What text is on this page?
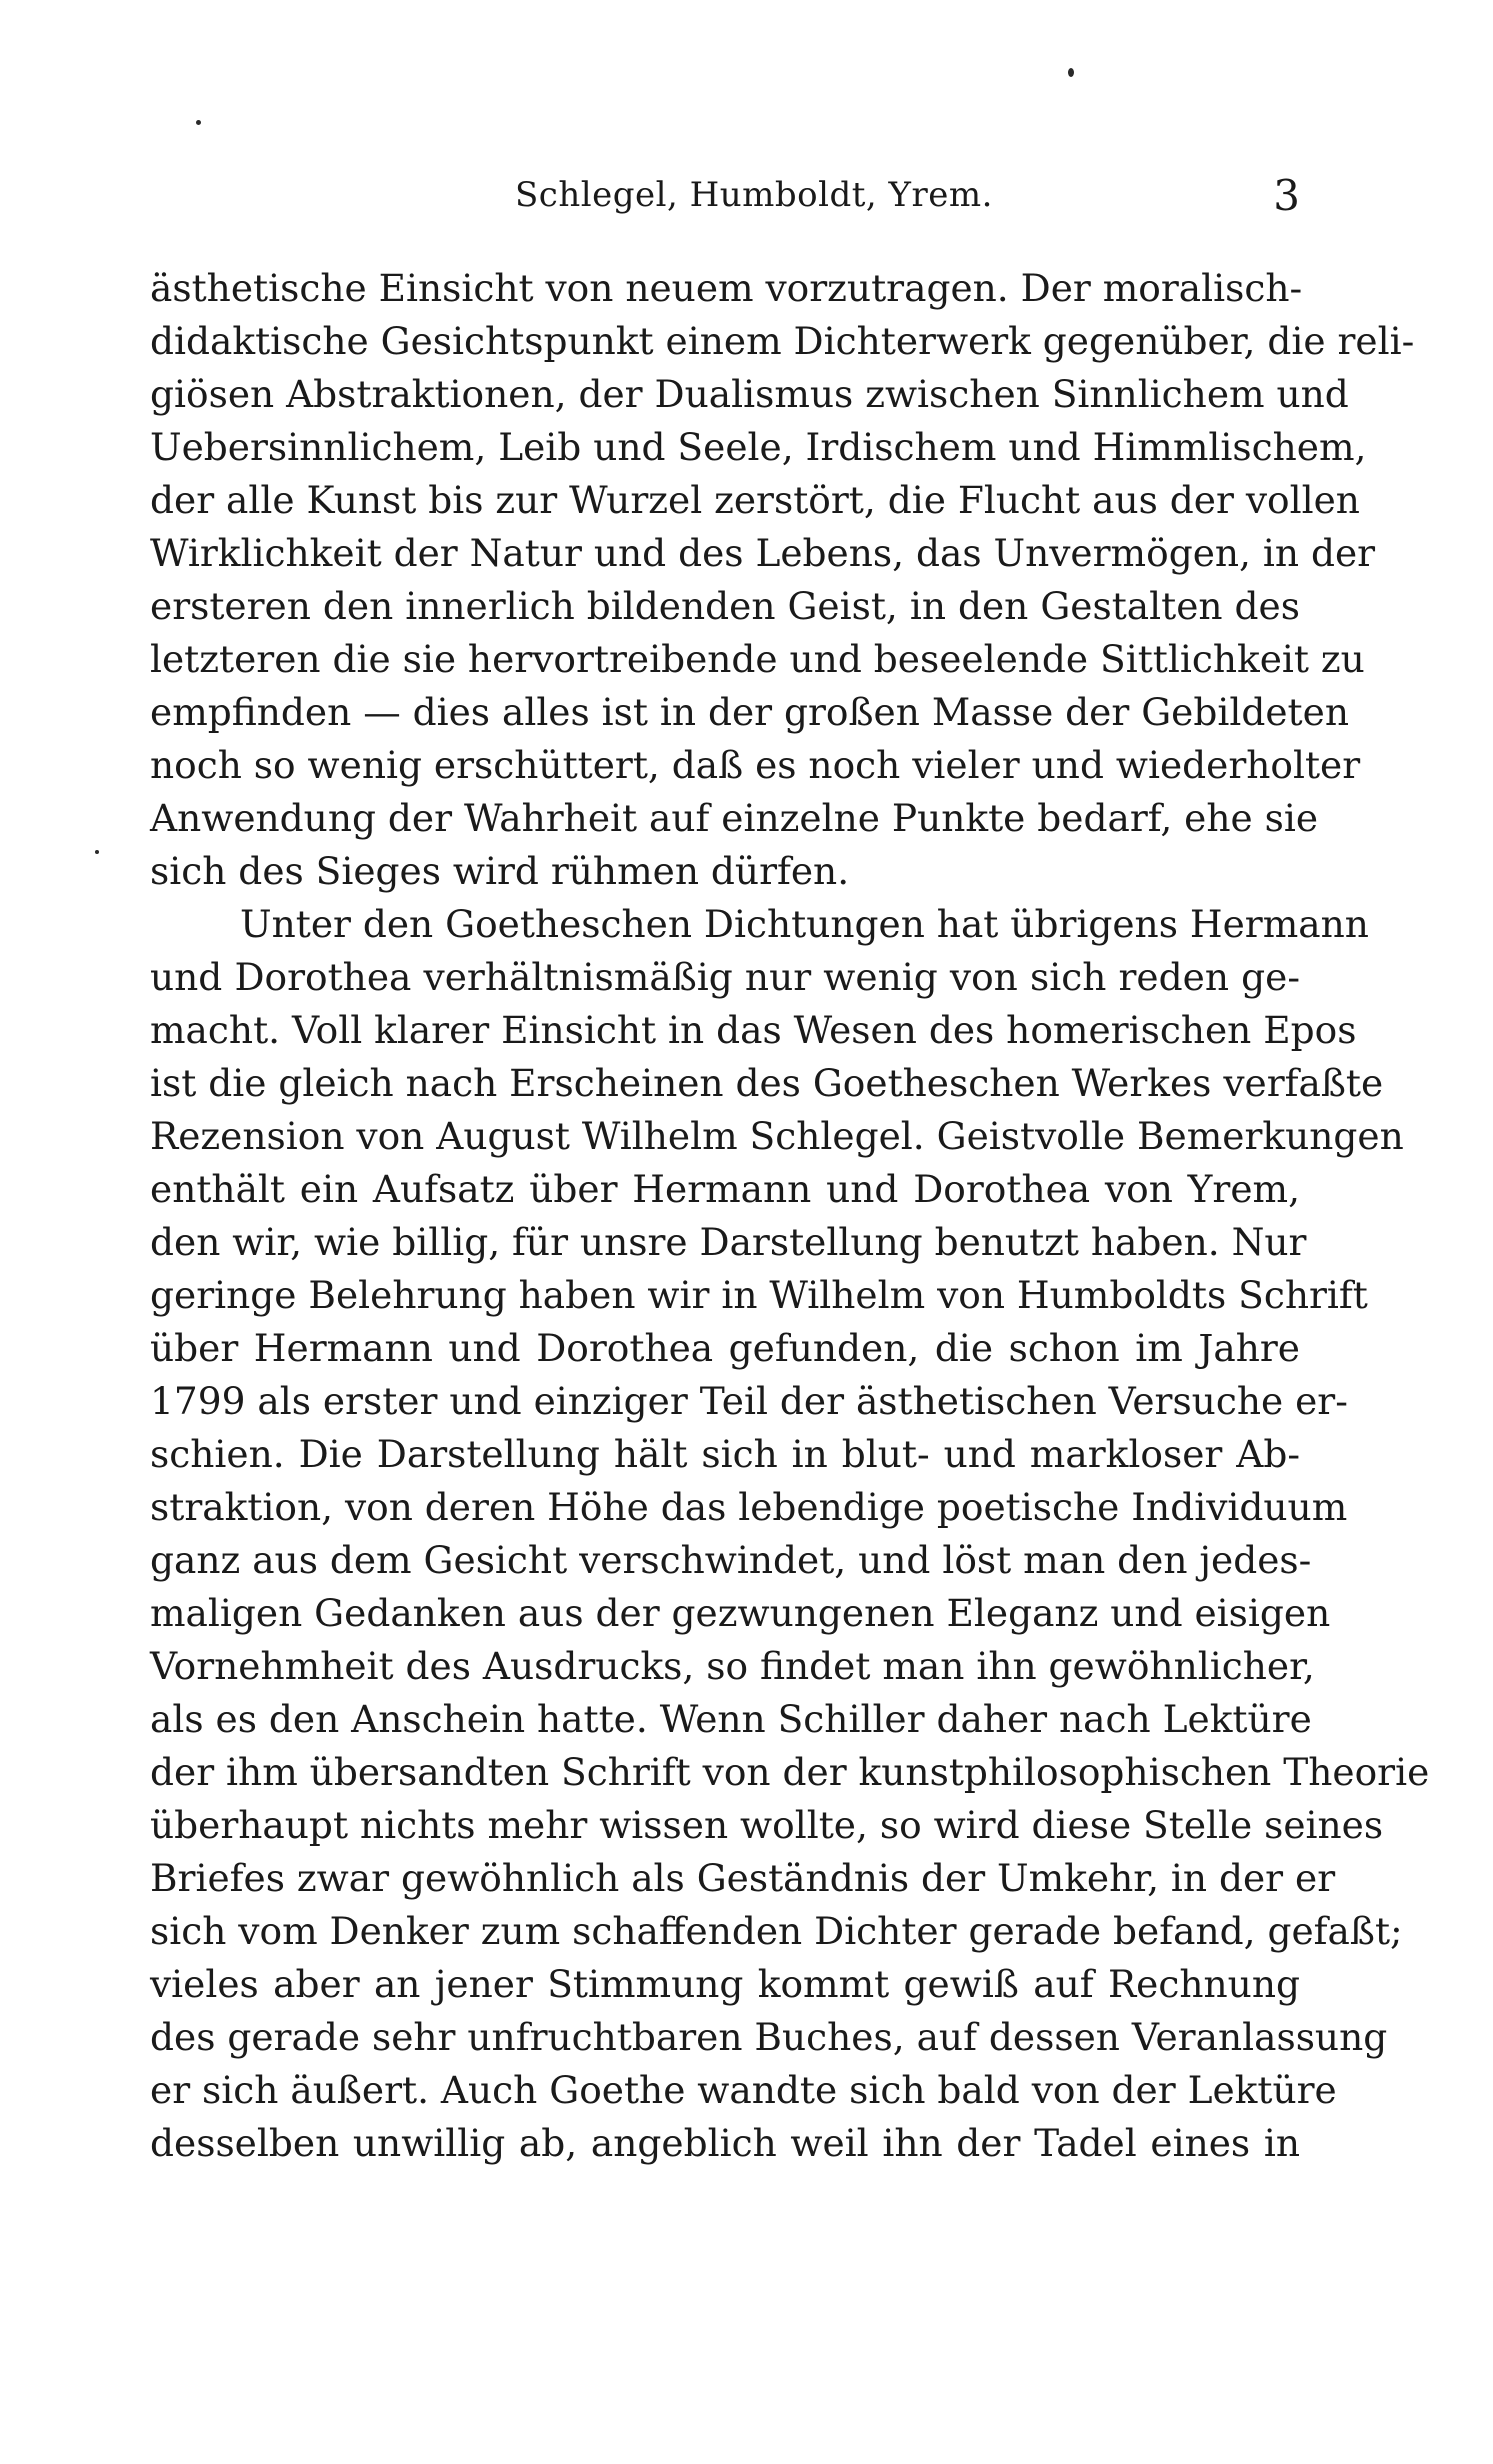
Schlegel, Humboldt, Yrem.	3
ästhetische Einsicht von neuem vorzutragen. Der moralisch-
didaktische Gesichtspunkt einem Dichterwerk gegenüber, die reli-
giösen Abstraktionen, der Dualismus zwischen Sinnlichem und
Uebersinnlichem, Leib und Seele, Irdischem und Himmlischem,
der alle Kunst bis zur Wurzel zerstört, die Flucht aus der vollen
Wirklichkeit der Natur und des Lebens, das Unvermögen, in der
ersteren den innerlich bildenden Geist, in den Gestalten des
letzteren die sie hervortreibende und beseelende Sittlichkeit zu
empfinden — dies alles ist in der großen Masse der Gebildeten
noch so wenig erschüttert, daß es noch vieler und wiederholter
Anwendung der Wahrheit auf einzelne Punkte bedarf, ehe sie
sich des Sieges wird rühmen dürfen.
Unter den Goetheschen Dichtungen hat übrigens Hermann
und Dorothea verhältnismäßig nur wenig von sich reden ge-
macht. Voll klarer Einsicht in das Wesen des homerischen Epos
ist die gleich nach Erscheinen des Goetheschen Werkes verfaßte
Rezension von August Wilhelm Schlegel. Geistvolle Bemerkungen
enthält ein Aufsatz über Hermann und Dorothea von Yrem,
den wir, wie billig, für unsre Darstellung benutzt haben. Nur
geringe Belehrung haben wir in Wilhelm von Humboldts Schrift
über Hermann und Dorothea gefunden, die schon im Jahre
1799 als erster und einziger Teil der ästhetischen Versuche er-
schien. Die Darstellung hält sich in blut- und markloser Ab-
straktion, von deren Höhe das lebendige poetische Individuum
ganz aus dem Gesicht verschwindet, und löst man den jedes-
maligen Gedanken aus der gezwungenen Eleganz und eisigen
Vornehmheit des Ausdrucks, so findet man ihn gewöhnlicher,
als es den Anschein hatte. Wenn Schiller daher nach Lektüre
der ihm übersandten Schrift von der kunstphilosophischen Theorie
überhaupt nichts mehr wissen wollte, so wird diese Stelle seines
Briefes zwar gewöhnlich als Geständnis der Umkehr, in der er
sich vom Denker zum schaffenden Dichter gerade befand, gefaßt;
vieles aber an jener Stimmung kommt gewiß auf Rechnung
des gerade sehr unfruchtbaren Buches, auf dessen Veranlassung
er sich äußert. Auch Goethe wandte sich bald von der Lektüre
desselben unwillig ab, angeblich weil ihn der Tadel eines in
